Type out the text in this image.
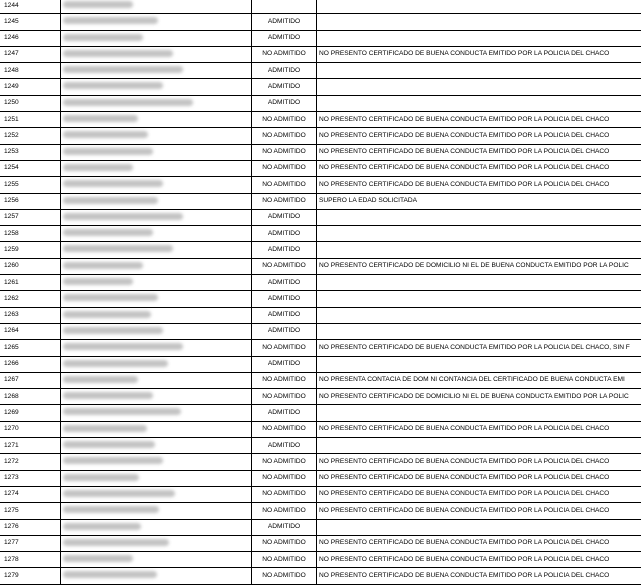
1244			
1245		ADMITIDO	
1246		ADMITIDO	
1247		NO ADMITIDO	NO PRESENTO CERTIFICADO DE BUENA CONDUCTA EMITIDO POR LA POLICIA DEL CHACO
1248		ADMITIDO	
1249		ADMITIDO	
1250		ADMITIDO	
1251		NO ADMITIDO	NO PRESENTO CERTIFICADO DE BUENA CONDUCTA EMITIDO POR LA POLICIA DEL CHACO
1252		NO ADMITIDO	NO PRESENTO CERTIFICADO DE BUENA CONDUCTA EMITIDO POR LA POLICIA DEL CHACO
1253		NO ADMITIDO	NO PRESENTO CERTIFICADO DE BUENA CONDUCTA EMITIDO POR LA POLICIA DEL CHACO
1254		NO ADMITIDO	NO PRESENTO CERTIFICADO DE BUENA CONDUCTA EMITIDO POR LA POLICIA DEL CHACO
1255		NO ADMITIDO	NO PRESENTO CERTIFICADO DE BUENA CONDUCTA EMITIDO POR LA POLICIA DEL CHACO
1256		NO ADMITIDO	SUPERO LA EDAD SOLICITADA
1257		ADMITIDO	
1258		ADMITIDO	
1259		ADMITIDO	
1260		NO ADMITIDO	NO PRESENTO CERTIFICADO DE DOMICILIO NI EL DE BUENA CONDUCTA EMITIDO POR LA POLIC
1261		ADMITIDO	
1262		ADMITIDO	
1263		ADMITIDO	
1264		ADMITIDO	
1265		NO ADMITIDO	NO PRESENTO CERTIFICADO DE BUENA CONDUCTA EMITIDO POR LA POLICIA DEL CHACO, SIN F
1266		ADMITIDO	
1267		NO ADMITIDO	NO PRESENTA CONTACIA DE DOM NI CONTANCIA DEL CERTIFICADO DE BUENA CONDUCTA EMI
1268		NO ADMITIDO	NO PRESENTO CERTIFICADO DE DOMICILIO NI EL DE BUENA CONDUCTA EMITIDO POR LA POLIC
1269		ADMITIDO	
1270		NO ADMITIDO	NO PRESENTO CERTIFICADO DE BUENA CONDUCTA EMITIDO POR LA POLICIA DEL CHACO
1271		ADMITIDO	
1272		NO ADMITIDO	NO PRESENTO CERTIFICADO DE BUENA CONDUCTA EMITIDO POR LA POLICIA DEL CHACO
1273		NO ADMITIDO	NO PRESENTO CERTIFICADO DE BUENA CONDUCTA EMITIDO POR LA POLICIA DEL CHACO
1274		NO ADMITIDO	NO PRESENTO CERTIFICADO DE BUENA CONDUCTA EMITIDO POR LA POLICIA DEL CHACO
1275		NO ADMITIDO	NO PRESENTO CERTIFICADO DE BUENA CONDUCTA EMITIDO POR LA POLICIA DEL CHACO
1276		ADMITIDO	
1277		NO ADMITIDO	NO PRESENTO CERTIFICADO DE BUENA CONDUCTA EMITIDO POR LA POLICIA DEL CHACO
1278		NO ADMITIDO	NO PRESENTO CERTIFICADO DE BUENA CONDUCTA EMITIDO POR LA POLICIA DEL CHACO
1279		NO ADMITIDO	NO PRESENTO CERTIFICADO DE BUENA CONDUCTA EMITIDO POR LA POLICIA DEL CHACO
